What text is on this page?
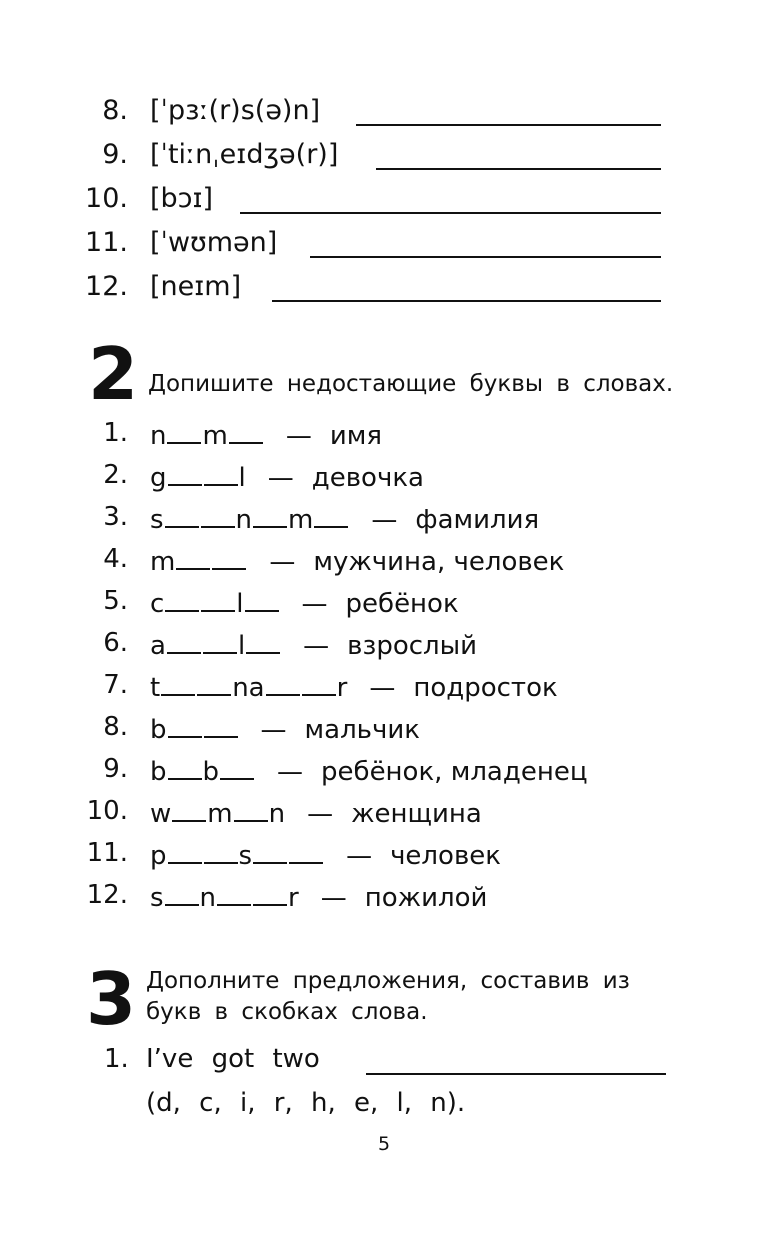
8. [ˈpɜː(r)s(ə)n]
9. [ˈtiːnˌeɪdʒə(r)]
10. [bɔɪ]
11. [ˈwʊmən]
12. [neɪm]
2 Допишите недостающие буквы в словах.
1. n m — имя
2. g	l — девочка
3. s	n m — фамилия
4. m	— мужчина, человек
5. c	l — ребёнок
6. a	l — взрослый
7. t	na	r — подросток
8. b	— мальчик
9. b b — ребёнок, младенец
10. w m n — женщина
11. p	s	— человек
12. s n	r — пожилой
3 Дополните предложения, составив из
букв в скобках слова.
1. I’ve got two
(d, c, i, r, h, e, l, n).
5
